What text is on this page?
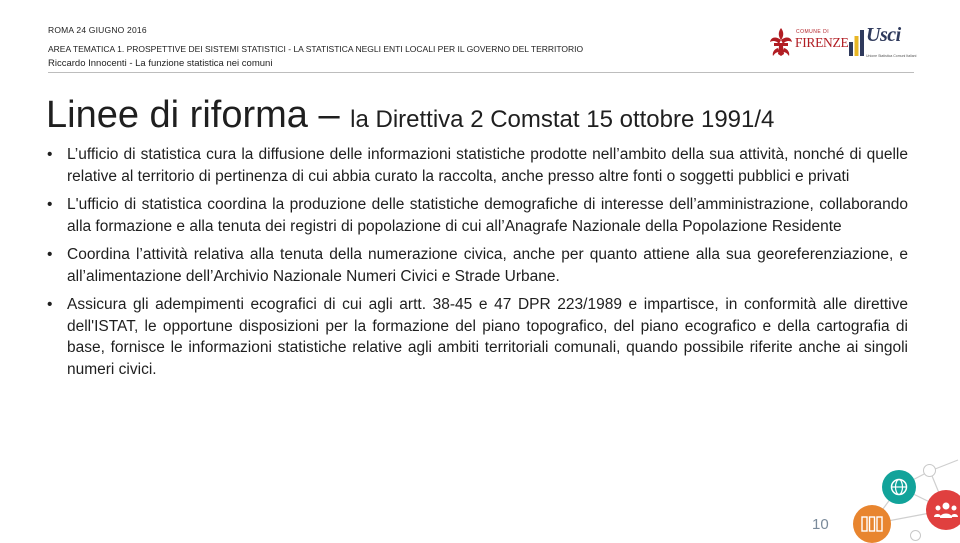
ROMA 24 GIUGNO 2016
AREA TEMATICA 1. PROSPETTIVE DEI SISTEMI STATISTICI - LA STATISTICA NEGLI ENTI LOCALI PER IL GOVERNO DEL TERRITORIO
Riccardo Innocenti - La funzione statistica nei comuni
COMUNE DI
FIRENZE Usci
Unione Statistica Comuni Italiani
Linee di riforma – la Direttiva 2 Comstat 15 ottobre 1991/4
• L’ufficio di statistica cura la diffusione delle informazioni statistiche prodotte nell’ambito della sua attività, nonché di quelle relative al territorio di pertinenza di cui abbia curato la raccolta, anche presso altre fonti o soggetti pubblici e privati
• L'ufficio di statistica coordina la produzione delle statistiche demografiche di interesse dell’amministrazione, collaborando alla formazione e alla tenuta dei registri di popolazione di cui all’Anagrafe Nazionale della Popolazione Residente
• Coordina l’attività relativa alla tenuta della numerazione civica, anche per quanto attiene alla sua georeferenziazione, e all’alimentazione dell’Archivio Nazionale Numeri Civici e Strade Urbane.
• Assicura gli adempimenti ecografici di cui agli artt. 38-45 e 47 DPR 223/1989 e impartisce, in conformità alle direttive dell'ISTAT, le opportune disposizioni per la formazione del piano topografico, del piano ecografico e della cartografia di base, fornisce le informazioni statistiche relative agli ambiti territoriali comunali, quando possibile riferite anche ai singoli numeri civici.
10
